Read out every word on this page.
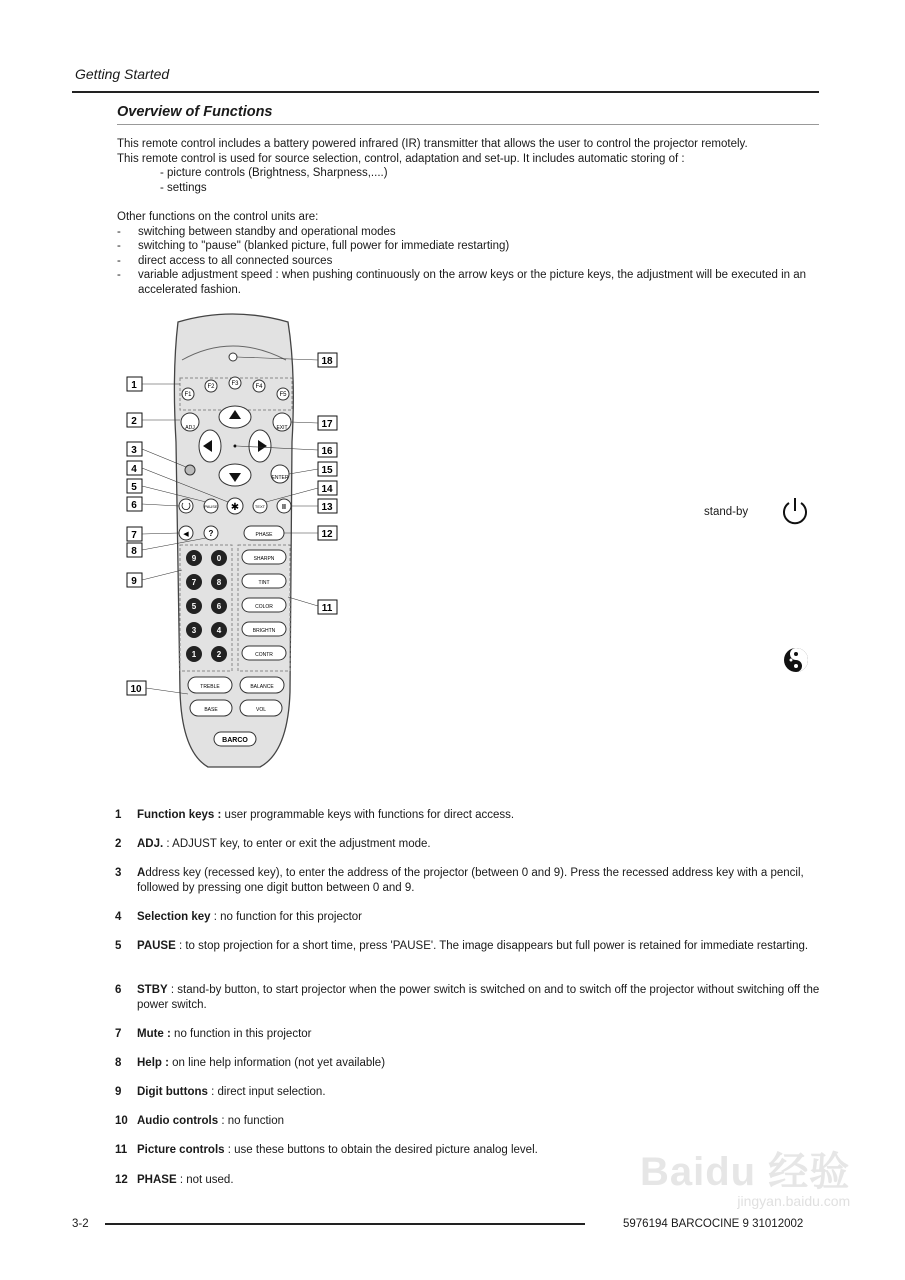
Getting Started
Overview of Functions
This remote control includes a battery powered infrared (IR) transmitter that allows the user to control the projector remotely.
This remote control is used for source selection, control, adaptation and set-up. It includes automatic storing of :
- picture controls (Brightness, Sharpness,....)
- settings
Other functions on the control units are:
- switching between standby and operational modes
- switching to "pause" (blanked picture, full power for immediate restarting)
- direct access to all connected sources
- variable adjustment speed : when pushing continuously on the arrow keys or the picture keys, the adjustment will be executed in an accelerated fashion.
F1
F2	F3	F4
F5
ADJ	EXIT
ENTER
PAUSE ✱	TEXT II
◀ ?	PHASE
9	0
7	8
5	6
3	4
1	2
SHARPN
TINT
COLOR
BRIGHTN
CONTR
TREBLE	BALANCE
BASE	VOL
BARCO
1
2
3
4
5
6
7
8
9
10
11
12
13
14
15
16
17
18
stand-by
1	Function keys : user programmable keys with functions for direct access.
2	ADJ. : ADJUST key, to enter or exit the adjustment mode.
3	Address key (recessed key), to enter the address of the projector (between 0 and 9). Press the recessed address key with a pencil, followed by pressing one digit button between 0 and 9.
4	Selection key : no function for this projector
5	PAUSE : to stop projection for a short time, press 'PAUSE'. The image disappears but full power is retained for immediate restarting.
6	STBY : stand-by button, to start projector when the power switch is switched on and to switch off the projector without switching off the power switch.
7	Mute : no function in this projector
8	Help : on line help information (not yet available)
9	Digit buttons : direct input selection.
10 Audio controls : no function
11 Picture controls : use these buttons to obtain the desired picture analog level.
12 PHASE : not used.	Baidu 经验
jingyan.baidu.com
3-2	5976194 BARCOCINE 9 31012002
